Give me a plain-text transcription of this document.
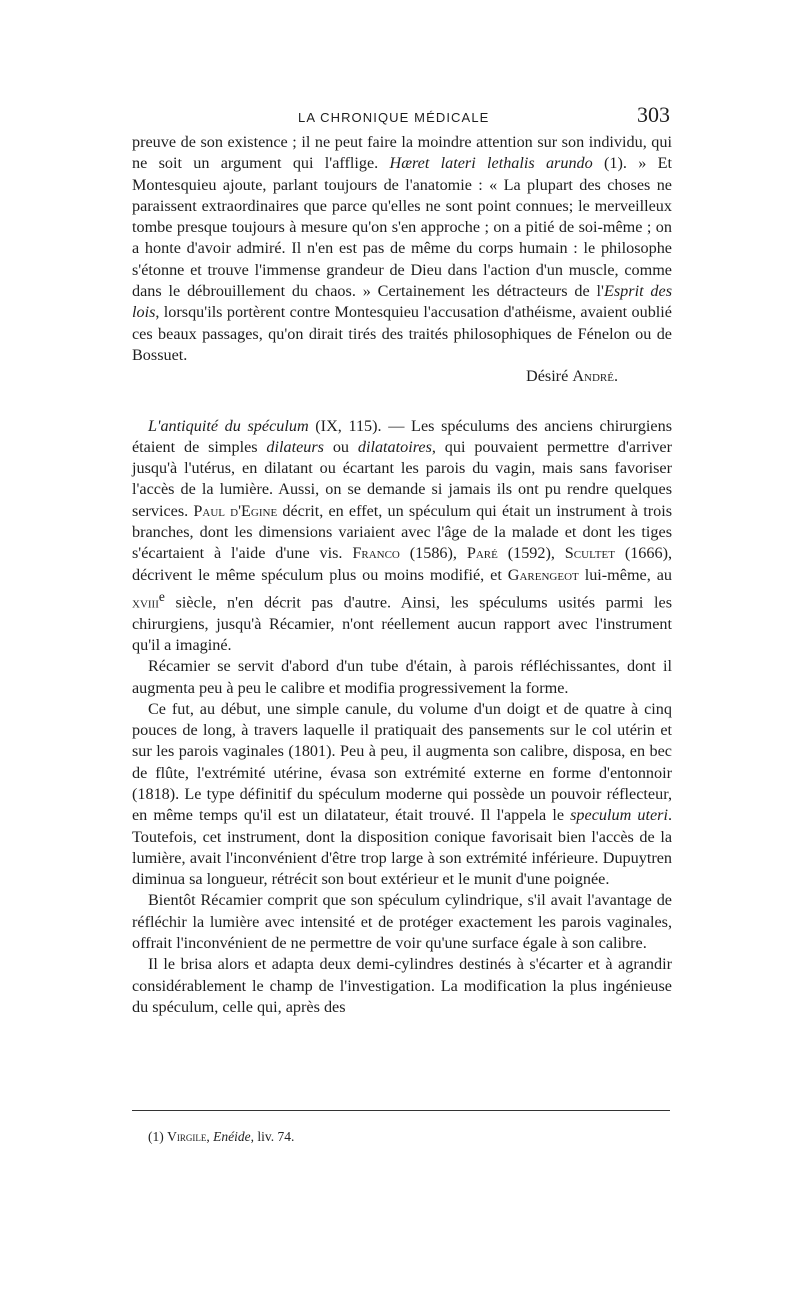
LA CHRONIQUE MÉDICALE	303

preuve de son existence ; il ne peut faire la moindre attention sur son individu, qui ne soit un argument qui l'afflige. Hæret lateri lethalis arundo (1). » Et Montesquieu ajoute, parlant toujours de l'anatomie : « La plupart des choses ne paraissent extraordinaires que parce qu'elles ne sont point connues; le merveilleux tombe presque toujours à mesure qu'on s'en approche ; on a pitié de soi-même ; on a honte d'avoir admiré. Il n'en est pas de même du corps humain : le philosophe s'étonne et trouve l'immense grandeur de Dieu dans l'action d'un muscle, comme dans le débrouillement du chaos. » Certainement les détracteurs de l'Esprit des lois, lorsqu'ils portèrent contre Montesquieu l'accusation d'athéisme, avaient oublié ces beaux passages, qu'on dirait tirés des traités philosophiques de Fénelon ou de Bossuet.

Désiré André.

L'antiquité du spéculum (IX, 115). — Les spéculums des anciens chirurgiens étaient de simples dilateurs ou dilatatoires, qui pouvaient permettre d'arriver jusqu'à l'utérus, en dilatant ou écartant les parois du vagin, mais sans favoriser l'accès de la lumière. Aussi, on se demande si jamais ils ont pu rendre quelques services. Paul d'Egine décrit, en effet, un spéculum qui était un instrument à trois branches, dont les dimensions variaient avec l'âge de la malade et dont les tiges s'écartaient à l'aide d'une vis. Franco (1586), Paré (1592), Scultet (1666), décrivent le même spéculum plus ou moins modifié, et Garengeot lui-même, au xviii$^e$ siècle, n'en décrit pas d'autre. Ainsi, les spéculums usités parmi les chirurgiens, jusqu'à Récamier, n'ont réellement aucun rapport avec l'instrument qu'il a imaginé.

Récamier se servit d'abord d'un tube d'étain, à parois réfléchissantes, dont il augmenta peu à peu le calibre et modifia progressivement la forme.

Ce fut, au début, une simple canule, du volume d'un doigt et de quatre à cinq pouces de long, à travers laquelle il pratiquait des pansements sur le col utérin et sur les parois vaginales (1801). Peu à peu, il augmenta son calibre, disposa, en bec de flûte, l'extrémité utérine, évasa son extrémité externe en forme d'entonnoir (1818). Le type définitif du spéculum moderne qui possède un pouvoir réflecteur, en même temps qu'il est un dilatateur, était trouvé. Il l'appela le speculum uteri. Toutefois, cet instrument, dont la disposition conique favorisait bien l'accès de la lumière, avait l'inconvénient d'être trop large à son extrémité inférieure. Dupuytren diminua sa longueur, rétrécit son bout extérieur et le munit d'une poignée.

Bientôt Récamier comprit que son spéculum cylindrique, s'il avait l'avantage de réfléchir la lumière avec intensité et de protéger exactement les parois vaginales, offrait l'inconvénient de ne permettre de voir qu'une surface égale à son calibre.

Il le brisa alors et adapta deux demi-cylindres destinés à s'écarter et à agrandir considérablement le champ de l'investigation. La modification la plus ingénieuse du spéculum, celle qui, après des

(1) Virgile, Enéide, liv. 74.
